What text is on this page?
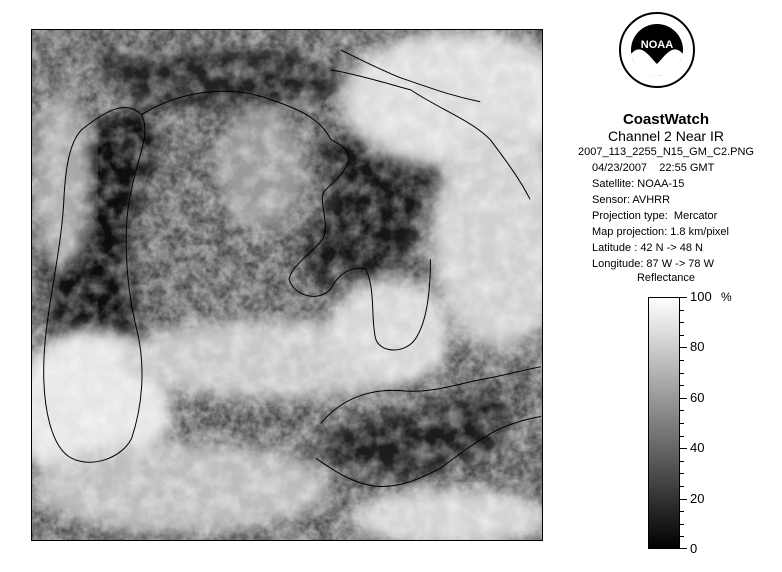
NOAA
CoastWatch
Channel 2 Near IR
2007_113_2255_N15_GM_C2.PNG
04/23/2007    22:55 GMT
Satellite: NOAA-15
Sensor: AVHRR
Projection type:  Mercator
Map projection: 1.8 km/pixel
Latitude : 42 N -> 48 N
Longitude: 87 W -> 78 W
Reflectance
%
100
80
60
40
20
0
